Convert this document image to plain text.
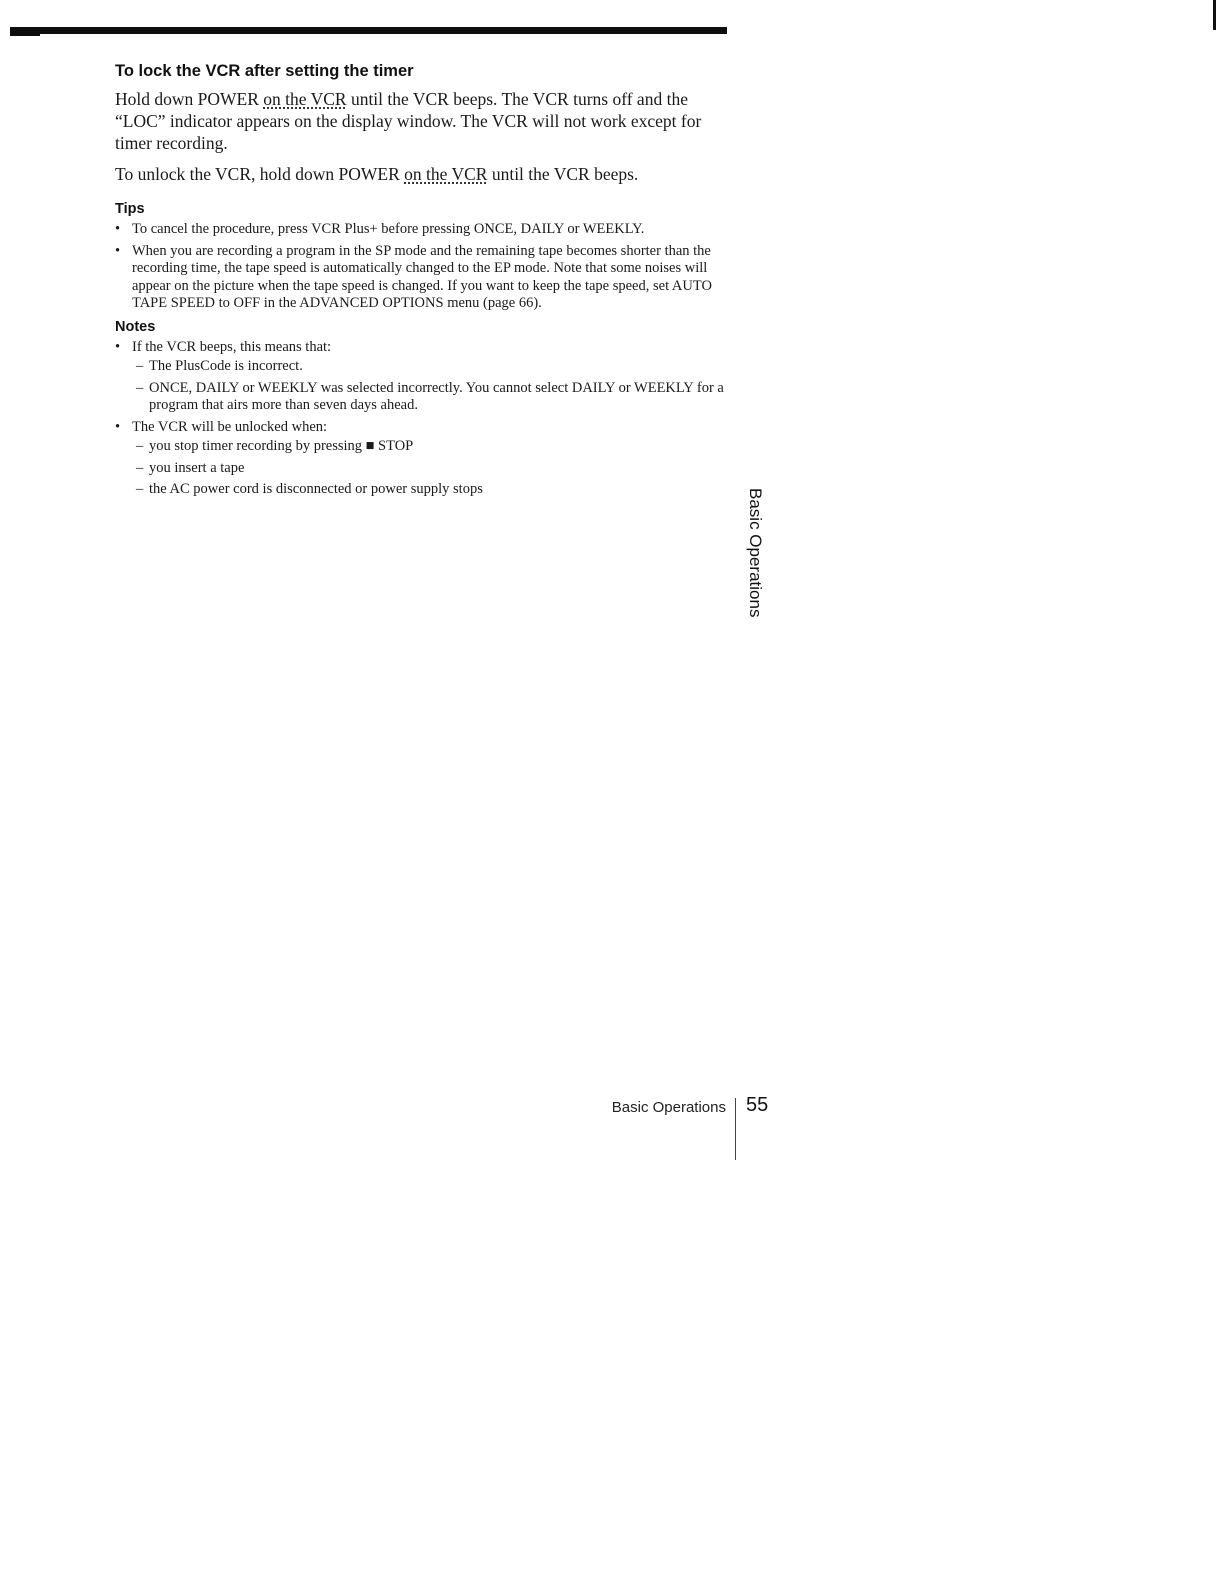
To lock the VCR after setting the timer

Hold down POWER on the VCR until the VCR beeps. The VCR turns off and the “LOC” indicator appears on the display window. The VCR will not work except for timer recording.

To unlock the VCR, hold down POWER on the VCR until the VCR beeps.

Tips
• To cancel the procedure, press VCR Plus+ before pressing ONCE, DAILY or WEEKLY.
• When you are recording a program in the SP mode and the remaining tape becomes shorter than the recording time, the tape speed is automatically changed to the EP mode. Note that some noises will appear on the picture when the tape speed is changed. If you want to keep the tape speed, set AUTO TAPE SPEED to OFF in the ADVANCED OPTIONS menu (page 66).
Notes
• If the VCR beeps, this means that:
– The PlusCode is incorrect.
– ONCE, DAILY or WEEKLY was selected incorrectly. You cannot select DAILY or WEEKLY for a program that airs more than seven days ahead.
• The VCR will be unlocked when:
– you stop timer recording by pressing ■ STOP
– you insert a tape
– the AC power cord is disconnected or power supply stops	Basic Operations
Basic Operations 55
